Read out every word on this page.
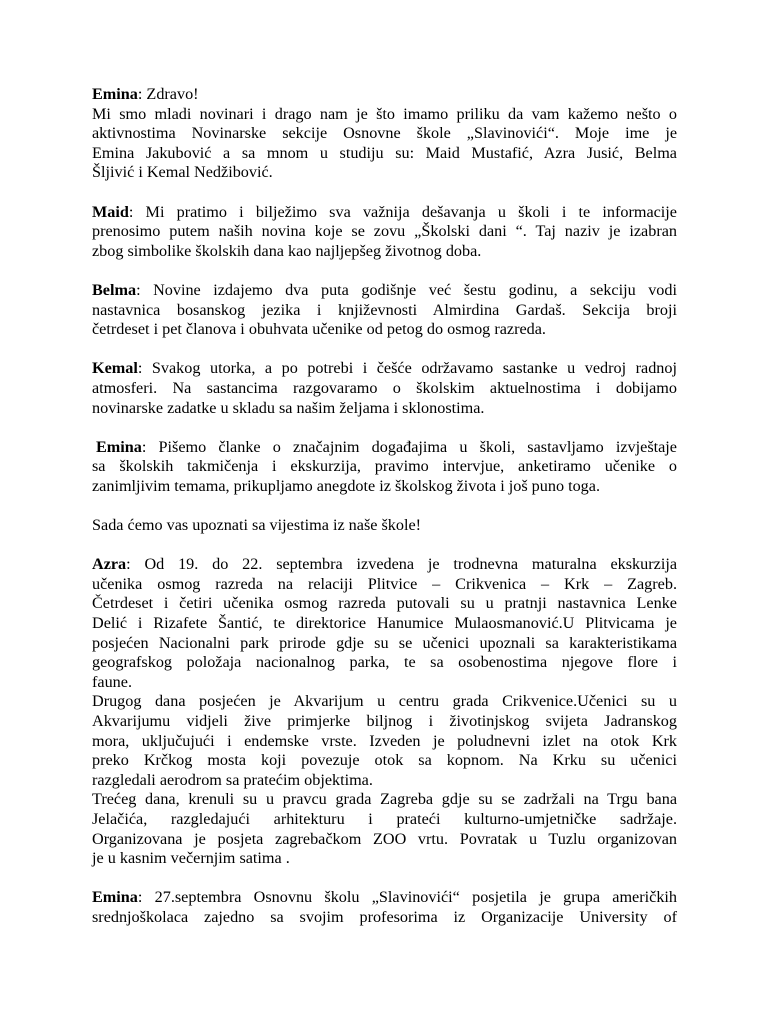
Emina: Zdravo!
Mi smo mladi novinari i drago nam je što imamo priliku da vam kažemo nešto o
aktivnostima Novinarske sekcije Osnovne škole „Slavinovići“. Moje ime je
Emina Jakubović a sa mnom u studiju su: Maid Mustafić, Azra Jusić, Belma
Šljivić i Kemal Nedžibović.
Maid: Mi pratimo i bilježimo sva važnija dešavanja u školi i te informacije
prenosimo putem naših novina koje se zovu „Školski dani “. Taj naziv je izabran
zbog simbolike školskih dana kao najljepšeg životnog doba.
Belma: Novine izdajemo dva puta godišnje već šestu godinu, a sekciju vodi
nastavnica bosanskog jezika i književnosti Almirdina Gardaš. Sekcija broji
četrdeset i pet članova i obuhvata učenike od petog do osmog razreda.
Kemal: Svakog utorka, a po potrebi i češće održavamo sastanke u vedroj radnoj
atmosferi. Na sastancima razgovaramo o školskim aktuelnostima i dobijamo
novinarske zadatke u skladu sa našim željama i sklonostima.
Emina: Pišemo članke o značajnim događajima u školi, sastavljamo izvještaje
sa školskih takmičenja i ekskurzija, pravimo intervjue, anketiramo učenike o
zanimljivim temama, prikupljamo anegdote iz školskog života i još puno toga.
Sada ćemo vas upoznati sa vijestima iz naše škole!
Azra: Od 19. do 22. septembra izvedena je trodnevna maturalna ekskurzija
učenika osmog razreda na relaciji Plitvice – Crikvenica – Krk – Zagreb.
Četrdeset i četiri učenika osmog razreda putovali su u pratnji nastavnica Lenke
Delić i Rizafete Šantić, te direktorice Hanumice Mulaosmanović.U Plitvicama je
posjećen Nacionalni park prirode gdje su se učenici upoznali sa karakteristikama
geografskog položaja nacionalnog parka, te sa osobenostima njegove flore i
faune.
Drugog dana posjećen je Akvarijum u centru grada Crikvenice.Učenici su u
Akvarijumu vidjeli žive primjerke biljnog i životinjskog svijeta Jadranskog
mora, uključujući i endemske vrste. Izveden je poludnevni izlet na otok Krk
preko Krčkog mosta koji povezuje otok sa kopnom. Na Krku su učenici
razgledali aerodrom sa pratećim objektima.
Trećeg dana, krenuli su u pravcu grada Zagreba gdje su se zadržali na Trgu bana
Jelačića, razgledajući arhitekturu i prateći kulturno-umjetničke sadržaje.
Organizovana je posjeta zagrebačkom ZOO vrtu. Povratak u Tuzlu organizovan
je u kasnim večernjim satima .
Emina: 27.septembra Osnovnu školu „Slavinovići“ posjetila je grupa američkih
srednjoškolaca zajedno sa svojim profesorima iz Organizacije University of
